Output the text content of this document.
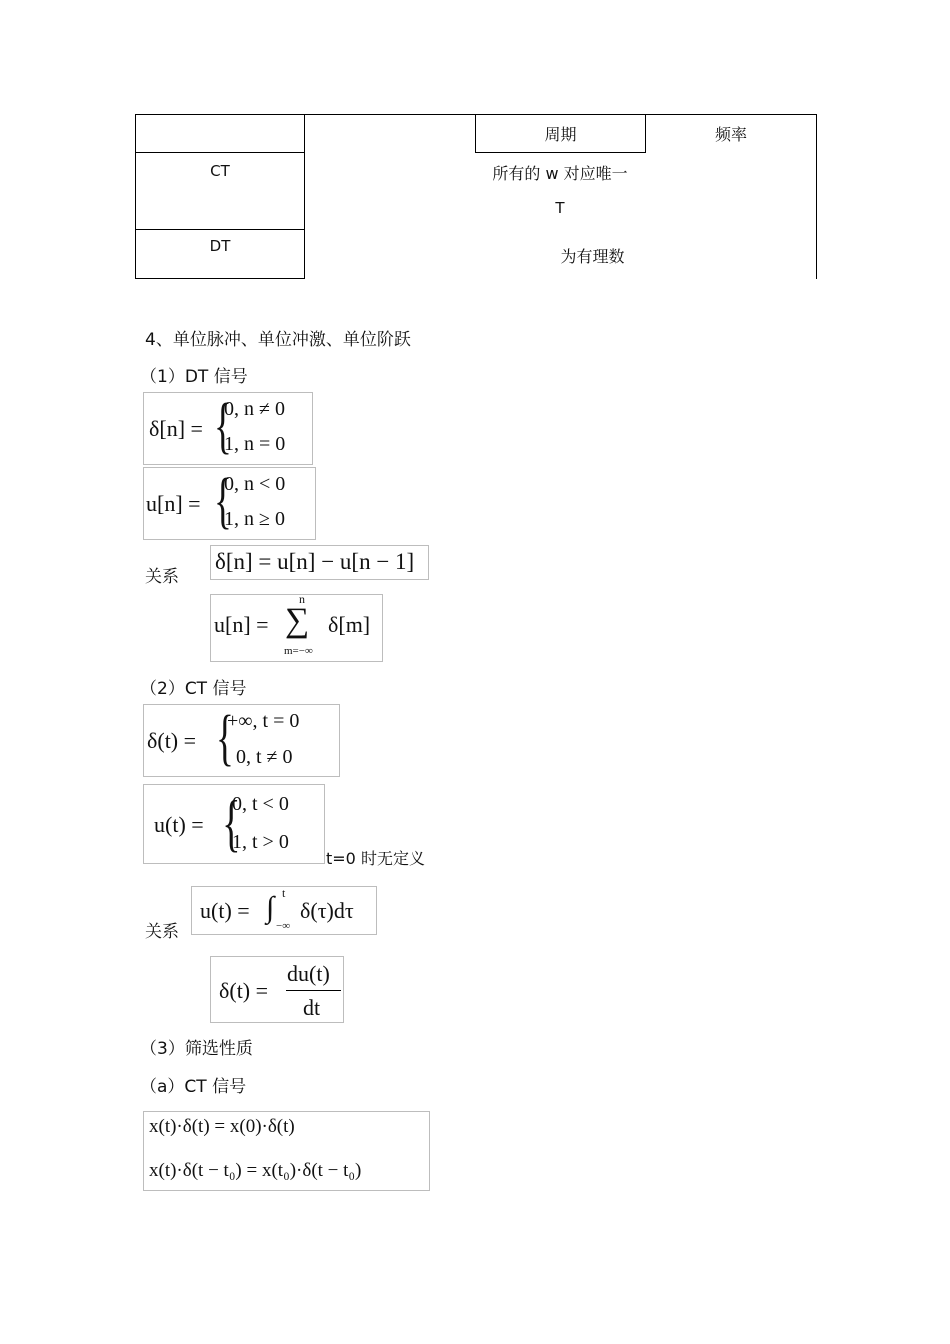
周期	频率
CT
DT
所有的 w 对应唯一
T
为有理数
4、单位脉冲、单位冲激、单位阶跃
（1）DT 信号
δ[n] = {
0, n ≠ 0
1, n = 0
u[n] = {
0, n < 0
1, n ≥ 0
关系
δ[n] = u[n] − u[n − 1]
u[n] =
n
∑
m=−∞
δ[m]
（2）CT 信号
δ(t) = {
+∞, t = 0
0, t ≠ 0
u(t) = {
0, t < 0
1, t > 0
t=0 时无定义
关系
u(t) = ∫ t
−∞
δ(τ)dτ
δ(t) =
du(t)
dt
（3）筛选性质
（a）CT 信号
x(t)·δ(t) = x(0)·δ(t)
x(t)·δ(t − t₀) = x(t₀)·δ(t − t₀)
